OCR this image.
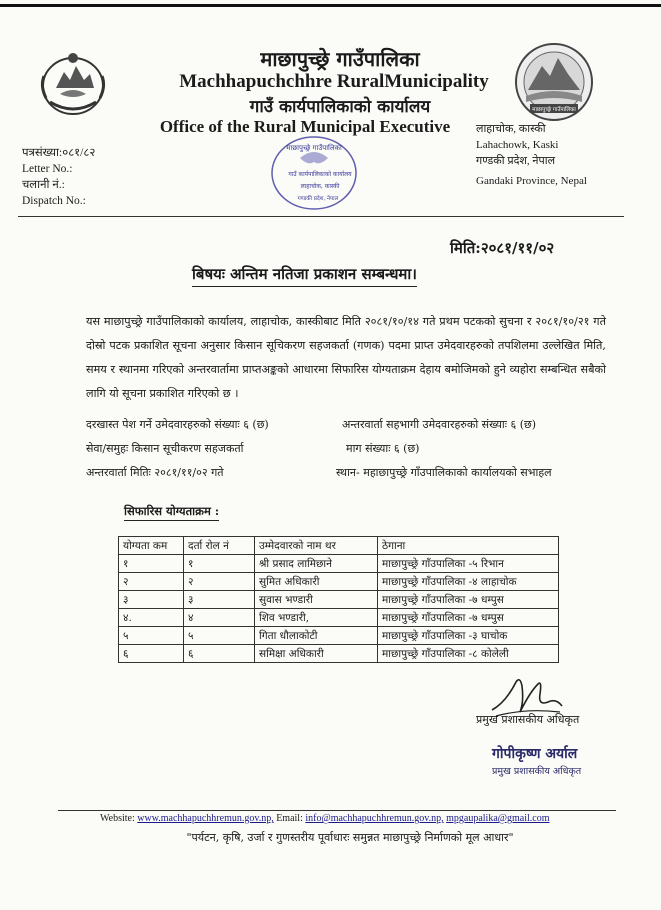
माछापुच्छ्रे गाउँपालिका
Machhapuchchhre RuralMunicipality
गाउँ कार्यपालिकाको कार्यालय
Office of the Rural Municipal Executive
माछापुच्छ्रे गाउँपालिका
लाहाचोक, कास्की
Lahachowk, Kaski
गण्डकी प्रदेश, नेपाल
Gandaki Province, Nepal
पत्रसंख्या:०८१/८२
Letter No.:
चलानी नं.:
Dispatch No.:
माछापुच्छ्रे गाउँपालिका
गाउँ कार्यपालिकाको कार्यालय
लाहाचोक, कास्की
गण्डकी प्रदेश, नेपाल
मिति:२०८१/११/०२
बिषयः अन्तिम नतिजा प्रकाशन सम्बन्धमा।
यस माछापुच्छ्रे गाउँपालिकाको कार्यालय, लाहाचोक, कास्कीबाट मिति २०८१/१०/१४ गते प्रथम पटकको सुचना र २०८१/१०/२१ गते दोस्रो पटक प्रकाशित सूचना अनुसार किसान सूचिकरण सहजकर्ता (गणक) पदमा प्राप्त उमेदवारहरुको तपशिलमा उल्लेखित मिति, समय र स्थानमा गरिएको अन्तरवार्तामा प्राप्तअङ्कको आधारमा सिफारिस योग्यताक्रम देहाय बमोजिमको हुने व्यहोरा सम्बन्धित सबैको लागि यो सूचना प्रकाशित गरिएको छ ।
दरखास्त पेश गर्ने उमेदवारहरुको संख्याः ६ (छ)	अन्तरवार्ता सहभागी उमेदवारहरुको संख्याः ६ (छ)
सेवा/समुहः किसान सूचीकरण सहजकर्ता	माग संख्याः ६ (छ)
अन्तरवार्ता मितिः २०८१/११/०२ गते	स्थान- महाछापुच्छ्रे गाँउपालिकाको कार्यालयको सभाहल
सिफारिस योग्यताक्रम :
योग्यता कम	दर्ता रोल नं	उम्मेदवारको नाम थर	ठेगाना
१	१	श्री प्रसाद लामिछाने	माछापुच्छ्रे गाँउपालिका -५ रिभान
२	२	सुमित अधिकारी	माछापुच्छ्रे गाँउपालिका -४ लाहाचोक
३	३	सुवास भण्डारी	माछापुच्छ्रे गाँउपालिका -७ धम्पुस
४.	४	शिव भण्डारी,	माछापुच्छ्रे गाँउपालिका -७ धम्पुस
५	५	गिता धौलाकोटी	माछापुच्छ्रे गाँउपालिका -३ घाचोक
६	६	समिक्षा अधिकारी	माछापुच्छ्रे गाँउपालिका -८ कोलेली
प्रमुख प्रशासकीय अधिकृत
गोपीकृष्ण अर्याल
प्रमुख प्रशासकीय अधिकृत
Website: www.machhapuchhremun.gov.np, Email: info@machhapuchhremun.gov.np, mpgaupalika@gmail.com
"पर्यटन, कृषि, उर्जा र गुणस्तरीय पूर्वाधारः समुन्नत माछापुच्छ्रे निर्माणको मूल आधार"
